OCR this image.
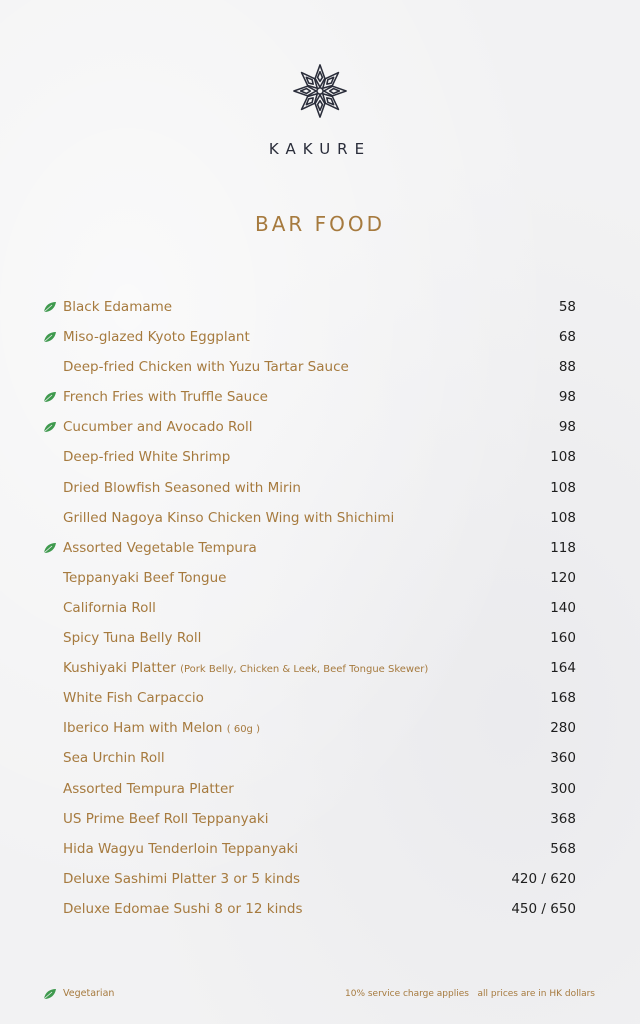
KAKURE
BAR FOOD
Black Edamame	58
Miso-glazed Kyoto Eggplant	68
Deep-fried Chicken with Yuzu Tartar Sauce	88
French Fries with Truffle Sauce	98
Cucumber and Avocado Roll	98
Deep-fried White Shrimp	108
Dried Blowfish Seasoned with Mirin	108
Grilled Nagoya Kinso Chicken Wing with Shichimi	108
Assorted Vegetable Tempura	118
Teppanyaki Beef Tongue	120
California Roll	140
Spicy Tuna Belly Roll	160
Kushiyaki Platter (Pork Belly, Chicken & Leek, Beef Tongue Skewer)	164
White Fish Carpaccio	168
Iberico Ham with Melon ( 60g )	280
Sea Urchin Roll	360
Assorted Tempura Platter	300
US Prime Beef Roll Teppanyaki	368
Hida Wagyu Tenderloin Teppanyaki	568
Deluxe Sashimi Platter 3 or 5 kinds	420 / 620
Deluxe Edomae Sushi 8 or 12 kinds	450 / 650
Vegetarian	10% service charge applies   all prices are in HK dollars
